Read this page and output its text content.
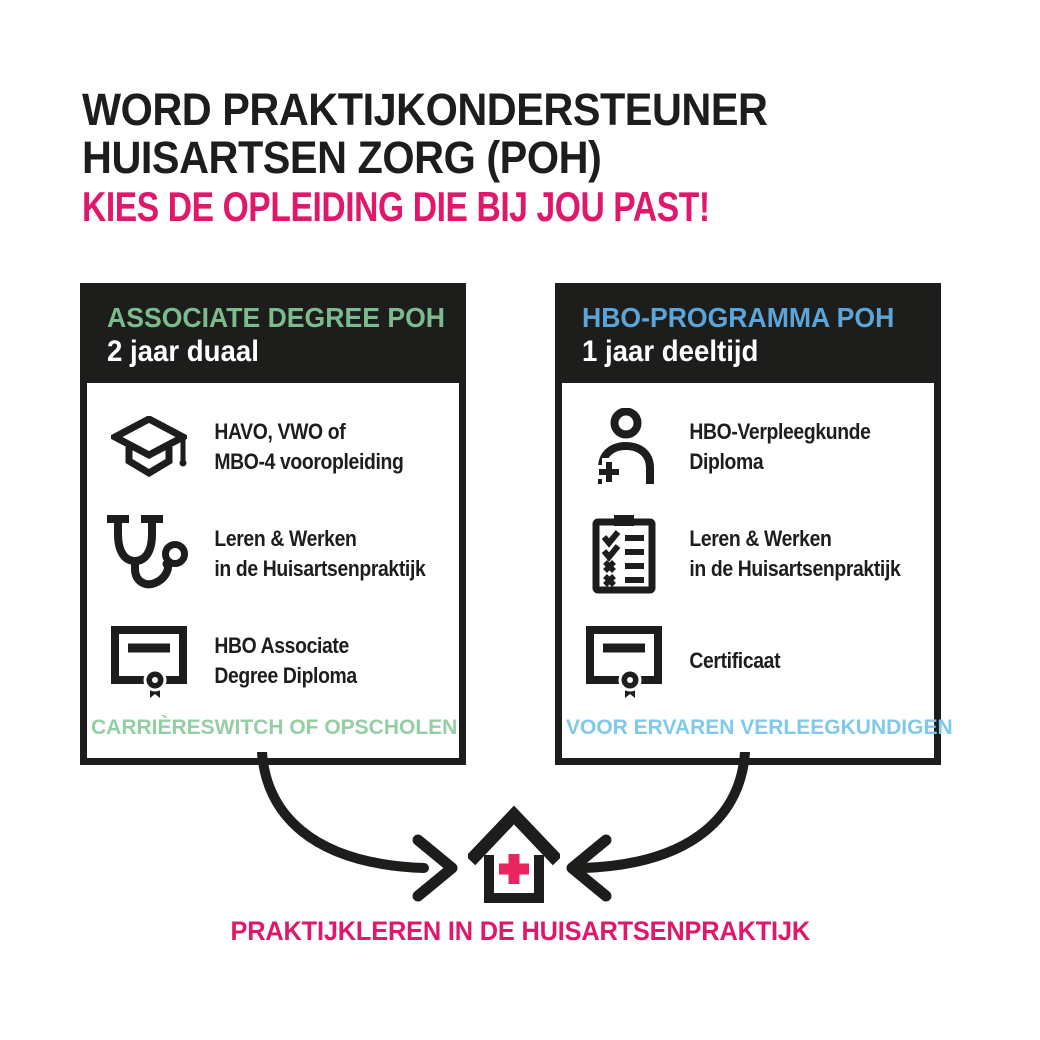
WORD PRAKTIJKONDERSTEUNER
HUISARTSEN ZORG (POH)
KIES DE OPLEIDING DIE BIJ JOU PAST!
ASSOCIATE DEGREE POH
2 jaar duaal
HAVO, VWO of
MBO-4 vooropleiding
Leren & Werken
in de Huisartsenpraktijk
HBO Associate
Degree Diploma
CARRIÈRESWITCH OF OPSCHOLEN
HBO-PROGRAMMA POH
1 jaar deeltijd
HBO-Verpleegkunde
Diploma
Leren & Werken
in de Huisartsenpraktijk
Certificaat
VOOR ERVAREN VERLEEGKUNDIGEN
PRAKTIJKLEREN IN DE HUISARTSENPRAKTIJK
